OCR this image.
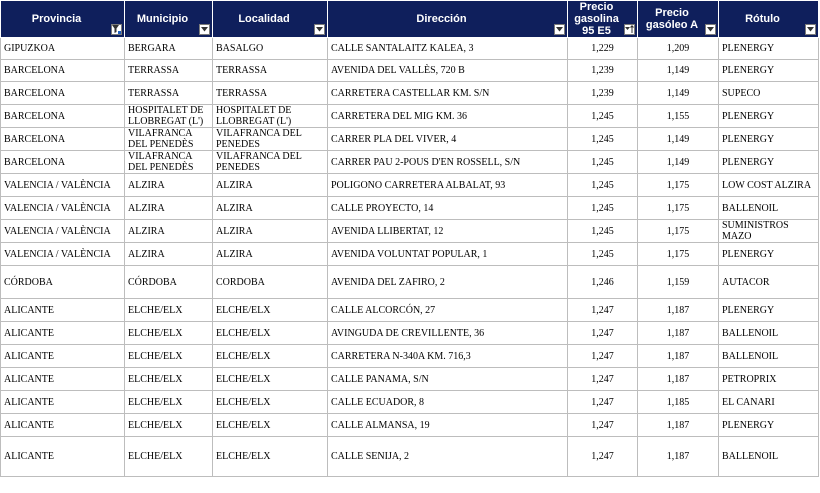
Provincia	Municipio	Localidad	Dirección	Precio gasolina 95 E5	Precio gasóleo A	Rótulo

GIPUZKOA	BERGARA	BASALGO	CALLE SANTALAITZ KALEA, 3	1,229	1,209	PLENERGY
BARCELONA	TERRASSA	TERRASSA	AVENIDA DEL VALLÈS, 720 B	1,239	1,149	PLENERGY
BARCELONA	TERRASSA	TERRASSA	CARRETERA CASTELLAR KM. S/N	1,239	1,149	SUPECO
BARCELONA	HOSPITALET DE LLOBREGAT (L')	HOSPITALET DE LLOBREGAT (L')	CARRETERA DEL MIG KM. 36	1,245	1,155	PLENERGY
BARCELONA	VILAFRANCA DEL PENEDÈS	VILAFRANCA DEL PENEDES	CARRER PLA DEL VIVER, 4	1,245	1,149	PLENERGY
BARCELONA	VILAFRANCA DEL PENEDÈS	VILAFRANCA DEL PENEDES	CARRER PAU 2-POUS D'EN ROSSELL, S/N	1,245	1,149	PLENERGY
VALENCIA / VALÈNCIA	ALZIRA	ALZIRA	POLIGONO CARRETERA ALBALAT, 93	1,245	1,175	LOW COST ALZIRA
VALENCIA / VALÈNCIA	ALZIRA	ALZIRA	CALLE PROYECTO, 14	1,245	1,175	BALLENOIL
VALENCIA / VALÈNCIA	ALZIRA	ALZIRA	AVENIDA LLIBERTAT, 12	1,245	1,175	SUMINISTROS MAZO
VALENCIA / VALÈNCIA	ALZIRA	ALZIRA	AVENIDA VOLUNTAT POPULAR, 1	1,245	1,175	PLENERGY
CÓRDOBA	CÓRDOBA	CORDOBA	AVENIDA DEL ZAFIRO, 2	1,246	1,159	AUTACOR
ALICANTE	ELCHE/ELX	ELCHE/ELX	CALLE ALCORCÓN, 27	1,247	1,187	PLENERGY
ALICANTE	ELCHE/ELX	ELCHE/ELX	AVINGUDA DE CREVILLENTE, 36	1,247	1,187	BALLENOIL
ALICANTE	ELCHE/ELX	ELCHE/ELX	CARRETERA N-340A KM. 716,3	1,247	1,187	BALLENOIL
ALICANTE	ELCHE/ELX	ELCHE/ELX	CALLE PANAMA, S/N	1,247	1,187	PETROPRIX
ALICANTE	ELCHE/ELX	ELCHE/ELX	CALLE ECUADOR, 8	1,247	1,185	EL CANARI
ALICANTE	ELCHE/ELX	ELCHE/ELX	CALLE ALMANSA, 19	1,247	1,187	PLENERGY
ALICANTE	ELCHE/ELX	ELCHE/ELX	CALLE SENIJA, 2	1,247	1,187	BALLENOIL
